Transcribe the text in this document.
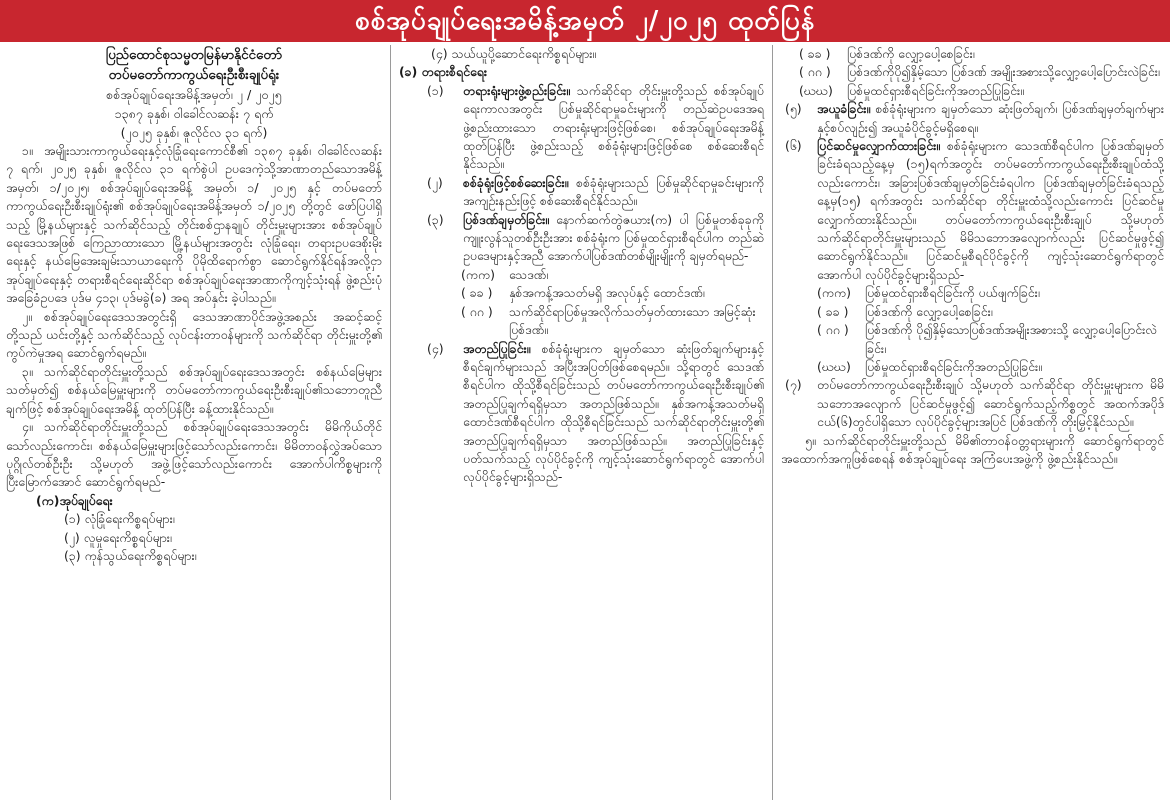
စစ်အုပ်ချုပ်ရေးအမိန့်အမှတ် ၂/၂၀၂၅ ထုတ်ပြန်
ပြည်ထောင်စုသမ္မတမြန်မာနိုင်ငံတော်
တပ်မတော်ကာကွယ်ရေးဦးစီးချုပ်ရုံး
စစ်အုပ်ချုပ်ရေးအမိန့်အမှတ်၊ ၂ / ၂၀၂၅
၁၃၈၇ ခုနှစ်၊ ဝါခေါင်လဆန်း ၇ ရက်
(၂၀၂၅ ခုနှစ်၊ ဇူလိုင်လ ၃၁ ရက်)

၁။ အမျိုးသားကာကွယ်ရေးနှင့်လုံခြုံရေးကောင်စီ၏ ၁၃၈၇ ခုနှစ်၊ ဝါခေါင်လဆန်း ၇ ရက်၊ ၂၀၂၅ ခုနှစ်၊ ဇူလိုင်လ ၃၁ ရက်စွဲပါ ဥပဒေကဲ့သို့အာဏာတည်သောအမိန့်အမှတ်၊ ၁/၂၀၂၅၊ စစ်အုပ်ချုပ်ရေးအမိန့် အမှတ်၊ ၁/ ၂၀၂၅ နှင့် တပ်မတော်ကာကွယ်ရေးဦးစီးချုပ်ရုံး၏ စစ်အုပ်ချုပ်ရေးအမိန့်အမှတ် ၁/၂၀၂၅ တို့တွင် ဖော်ပြပါရှိသည့် မြို့နယ်များနှင့် သက်ဆိုင်သည့် တိုင်းစစ်ဌာနချုပ် တိုင်းမှူးများအား စစ်အုပ်ချုပ်ရေးဒေသအဖြစ် ကြေညာထားသော မြို့နယ်များအတွင်း လုံခြုံရေး၊ တရားဥပဒေစိုးမိုးရေးနှင့် နယ်မြေအေးချမ်းသာယာရေးကို ပိုမိုထိရောက်စွာ ဆောင်ရွက်နိုင်ရန်အလို့ငှာ အုပ်ချုပ်ရေးနှင့် တရားစီရင်ရေးဆိုင်ရာ စစ်အုပ်ချုပ်ရေးအာဏာကိုကျင့်သုံးရန် ဖွဲ့စည်းပုံအခြေခံဥပဒေ ပုဒ်မ ၄၁၃၊ ပုဒ်မခွဲ(ခ) အရ အပ်နှင်း ခဲ့ပါသည်။

၂။ စစ်အုပ်ချုပ်ရေးဒေသအတွင်းရှိ ဒေသအာဏာပိုင်အဖွဲ့အစည်း အဆင့်ဆင့်တို့သည် ယင်းတို့နှင့် သက်ဆိုင်သည့် လုပ်ငန်းတာဝန်များကို သက်ဆိုင်ရာ တိုင်းမှူးတို့၏ ကွပ်ကဲမှုအရ ဆောင်ရွက်ရမည်။

၃။ သက်ဆိုင်ရာတိုင်းမှူးတို့သည် စစ်အုပ်ချုပ်ရေးဒေသအတွင်း စစ်နယ်မြေများ သတ်မှတ်၍ စစ်နယ်မြေမှူးများကို တပ်မတော်ကာကွယ်ရေးဦးစီးချုပ်၏သဘောတူညီချက်ဖြင့် စစ်အုပ်ချုပ်ရေးအမိန့် ထုတ်ပြန်ပြီး ခန့်ထားနိုင်သည်။

၄။ သက်ဆိုင်ရာတိုင်းမှူးတို့သည် စစ်အုပ်ချုပ်ရေးဒေသအတွင်း မိမိကိုယ်တိုင်သော်လည်းကောင်း၊ စစ်နယ်မြေမှူးများဖြင့်သော်လည်းကောင်း၊ မိမိတာဝန်လွှဲအပ်သော ပုဂ္ဂိုလ်တစ်ဦးဦး သို့မဟုတ် အဖွဲ့ဖြင့်သော်လည်းကောင်း အောက်ပါကိစ္စများကို ပြီးမြောက်အောင် ဆောင်ရွက်ရမည်-

(က)အုပ်ချုပ်ရေး
(၁) လုံခြုံရေးကိစ္စရပ်များ၊
(၂) လူမှုရေးကိစ္စရပ်များ၊
(၃) ကုန်သွယ်ရေးကိစ္စရပ်များ၊
(၄) သယ်ယူပို့ဆောင်ရေးကိစ္စရပ်များ။
(ခ) တရားစီရင်ရေး
(၁)	တရားရုံးများဖွဲ့စည်းခြင်း။ သက်ဆိုင်ရာ တိုင်းမှူးတို့သည် စစ်အုပ်ချုပ်ရေးကာလအတွင်း ပြစ်မှုဆိုင်ရာမှုခင်းများကို တည်ဆဲဥပဒေအရ ဖွဲ့စည်းထားသော တရားရုံးများဖြင့်ဖြစ်စေ၊ စစ်အုပ်ချုပ်ရေးအမိန့် ထုတ်ပြန်ပြီး ဖွဲ့စည်းသည့် စစ်ခုံရုံးများဖြင့်ဖြစ်စေ စစ်ဆေးစီရင်နိုင်သည်။
(၂)	စစ်ခုံရုံးဖြင့်စစ်ဆေးခြင်း။ စစ်ခုံရုံးများသည် ပြစ်မှုဆိုင်ရာမှုခင်းများကို အကျဉ်းနည်းဖြင့် စစ်ဆေးစီရင်နိုင်သည်။
(၃)	ပြစ်ဒဏ်ချမှတ်ခြင်း။ နောက်ဆက်တွဲဇယား(က) ပါ ပြစ်မှုတစ်ခုခုကို ကျူးလွန်သူတစ်ဦးဦးအား စစ်ခုံရုံးက ပြစ်မှုထင်ရှားစီရင်ပါက တည်ဆဲဥပဒေများနှင့်အညီ အောက်ပါပြစ်ဒဏ်တစ်မျိုးမျိုးကို ချမှတ်ရမည်-
(ကက)	သေဒဏ်၊
( ခခ )	နှစ်အကန့်အသတ်မရှိ အလုပ်နှင့် ထောင်ဒဏ်၊
( ဂဂ )	သက်ဆိုင်ရာပြစ်မှုအလိုက်သတ်မှတ်ထားသော အမြင့်ဆုံးပြစ်ဒဏ်။
(၄)	အတည်ပြုခြင်း။ စစ်ခုံရုံးများက ချမှတ်သော ဆုံးဖြတ်ချက်များနှင့် စီရင်ချက်များသည် အပြီးအပြတ်ဖြစ်စေရမည်။ သို့ရာတွင် သေဒဏ်စီရင်ပါက ထိုသို့စီရင်ခြင်းသည် တပ်မတော်ကာကွယ်ရေးဦးစီးချုပ်၏ အတည်ပြုချက်ရရှိမှသာ အတည်ဖြစ်သည်။ နှစ်အကန့်အသတ်မရှိ ထောင်ဒဏ်စီရင်ပါက ထိုသို့စီရင်ခြင်းသည် သက်ဆိုင်ရာတိုင်းမှူးတို့၏ အတည်ပြုချက်ရရှိမှသာ အတည်ဖြစ်သည်။ အတည်ပြုခြင်းနှင့်ပတ်သက်သည့် လုပ်ပိုင်ခွင့်ကို ကျင့်သုံးဆောင်ရွက်ရာတွင် အောက်ပါလုပ်ပိုင်ခွင့်များရှိသည်-
( ခခ )	ပြစ်ဒဏ်ကို လျှော့ပေါ့စေခြင်း၊
( ဂဂ )	ပြစ်ဒဏ်ကိုပို၍နှိမ့်သော ပြစ်ဒဏ် အမျိုးအစားသို့လျှော့ပေါ့ပြောင်းလဲခြင်း၊
(ဃဃ)	ပြစ်မှုထင်ရှားစီရင်ခြင်းကိုအတည်ပြုခြင်း။
(၅)	အယူခံခြင်း။ စစ်ခုံရုံးများက ချမှတ်သော ဆုံးဖြတ်ချက်၊ ပြစ်ဒဏ်ချမှတ်ချက်များနှင့်စပ်လျဉ်း၍ အယူခံပိုင်ခွင့်မရှိစေရ။
(၆)	ပြင်ဆင်မှုလျှောက်ထားခြင်း။ စစ်ခုံရုံးများက သေဒဏ်စီရင်ပါက ပြစ်ဒဏ်ချမှတ်ခြင်းခံရသည့်နေ့မှ (၁၅)ရက်အတွင်း တပ်မတော်ကာကွယ်ရေးဦးစီးချုပ်ထံသို့လည်းကောင်း၊ အခြားပြစ်ဒဏ်ချမှတ်ခြင်းခံရပါက ပြစ်ဒဏ်ချမှတ်ခြင်းခံရသည့်နေ့မှ(၁၅) ရက်အတွင်း သက်ဆိုင်ရာ တိုင်းမှူးထံသို့လည်းကောင်း ပြင်ဆင်မှုလျှောက်ထားနိုင်သည်။ တပ်မတော်ကာကွယ်ရေးဦးစီးချုပ် သို့မဟုတ် သက်ဆိုင်ရာတိုင်းမှူးများသည် မိမိသဘောအလျောက်လည်း ပြင်ဆင်မှုဖွင့်၍ ဆောင်ရွက်နိုင်သည်။ ပြင်ဆင်မှုစီရင်ပိုင်ခွင့်ကို ကျင့်သုံးဆောင်ရွက်ရာတွင် အောက်ပါ လုပ်ပိုင်ခွင့်များရှိသည်-
(ကက)	ပြစ်မှုထင်ရှားစီရင်ခြင်းကို ပယ်ဖျက်ခြင်း၊
( ခခ )	ပြစ်ဒဏ်ကို လျှော့ပေါ့စေခြင်း၊
( ဂဂ )	ပြစ်ဒဏ်ကို ပို၍နှိမ့်သောပြစ်ဒဏ်အမျိုးအစားသို့ လျှော့ပေါ့ပြောင်းလဲခြင်း၊
(ဃဃ)	ပြစ်မှုထင်ရှားစီရင်ခြင်းကိုအတည်ပြုခြင်း။
(၇)	တပ်မတော်ကာကွယ်ရေးဦးစီးချုပ် သို့မဟုတ် သက်ဆိုင်ရာ တိုင်းမှူးများက မိမိသဘောအလျောက် ပြင်ဆင်မှုဖွင့်၍ ဆောင်ရွက်သည့်ကိစ္စတွင် အထက်အပိုဒ်ငယ်(၆)တွင်ပါရှိသော လုပ်ပိုင်ခွင့်များအပြင် ပြစ်ဒဏ်ကို တိုးမြှင့်နိုင်သည်။

၅။ သက်ဆိုင်ရာတိုင်းမှူးတို့သည် မိမိ၏တာဝန်ဝတ္တရားများကို ဆောင်ရွက်ရာတွင် အထောက်အကူဖြစ်စေရန် စစ်အုပ်ချုပ်ရေး အကြံပေးအဖွဲ့ကို ဖွဲ့စည်းနိုင်သည်။
